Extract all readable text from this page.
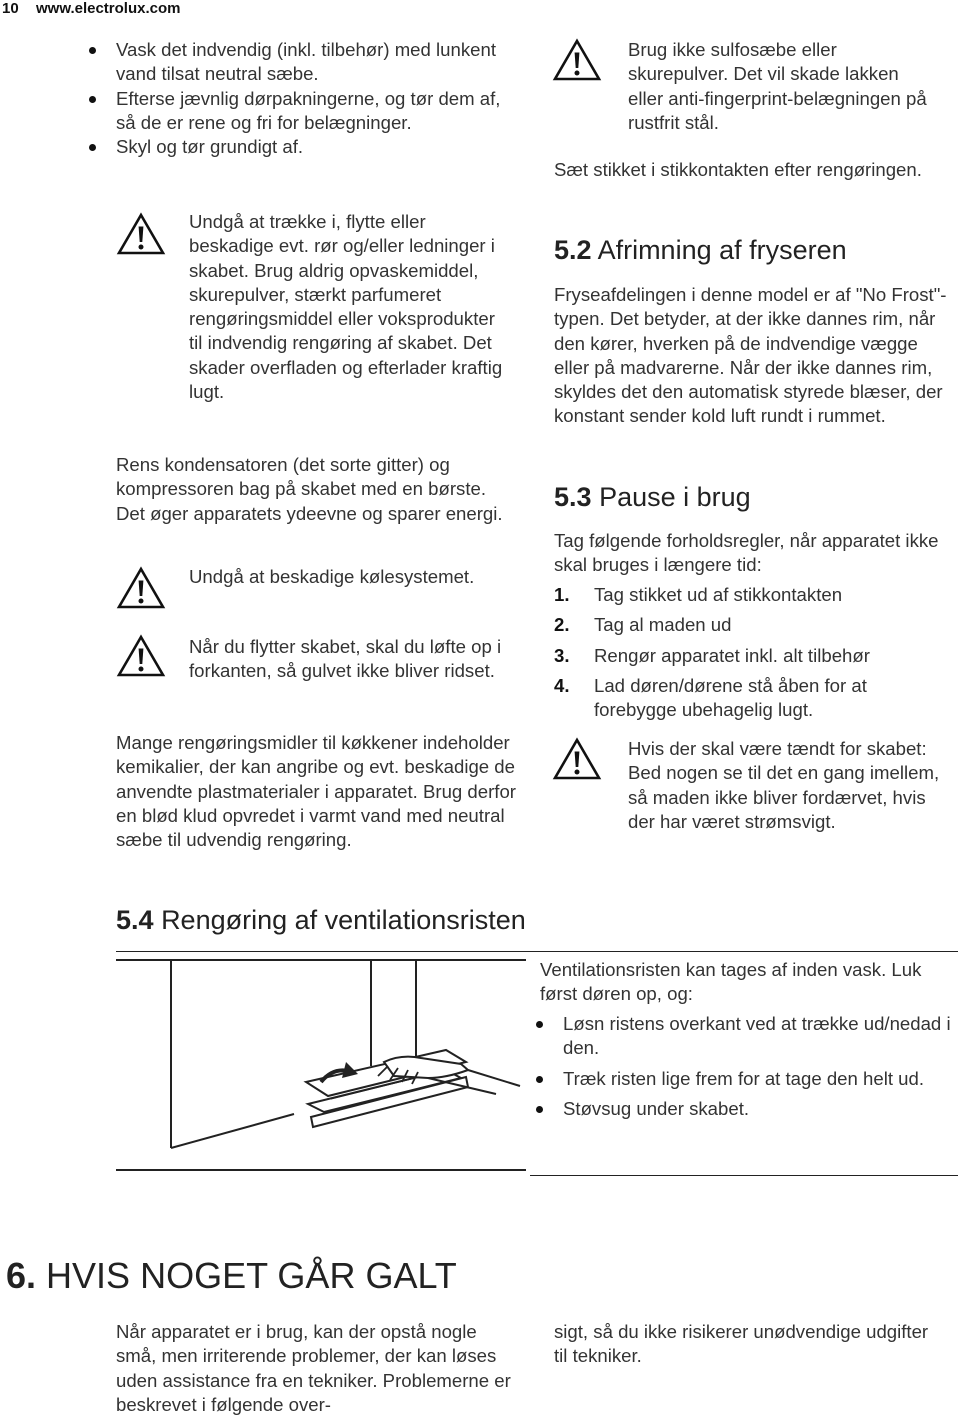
10 www.electrolux.com
Vask det indvendig (inkl. tilbehør) med lunkent vand tilsat neutral sæbe.
Efterse jævnlig dørpakningerne, og tør dem af, så de er rene og fri for belægninger.
Skyl og tør grundigt af.
Undgå at trække i, flytte eller beskadige evt. rør og/eller ledninger i skabet. Brug aldrig opvaskemiddel, skurepulver, stærkt parfumeret rengøringsmiddel eller voksprodukter til indvendig rengøring af skabet. Det skader overfladen og efterlader kraftig lugt.
Rens kondensatoren (det sorte gitter) og kompressoren bag på skabet med en børste. Det øger apparatets ydeevne og sparer energi.
Undgå at beskadige kølesystemet.
Når du flytter skabet, skal du løfte op i forkanten, så gulvet ikke bliver ridset.
Mange rengøringsmidler til køkkener indeholder kemikalier, der kan angribe og evt. beskadige de anvendte plastmaterialer i apparatet. Brug derfor en blød klud opvredet i varmt vand med neutral sæbe til udvendig rengøring.
Brug ikke sulfosæbe eller skurepulver. Det vil skade lakken eller anti-fingerprint-belægningen på rustfrit stål.
Sæt stikket i stikkontakten efter rengøringen.
5.2 Afrimning af fryseren
Fryseafdelingen i denne model er af "No Frost"-typen. Det betyder, at der ikke dannes rim, når den kører, hverken på de indvendige vægge eller på madvarerne. Når der ikke dannes rim, skyldes det den automatisk styrede blæser, der konstant sender kold luft rundt i rummet.
5.3 Pause i brug
Tag følgende forholdsregler, når apparatet ikke skal bruges i længere tid:
1. Tag stikket ud af stikkontakten
2. Tag al maden ud
3. Rengør apparatet inkl. alt tilbehør
4. Lad døren/dørene stå åben for at forebygge ubehagelig lugt.
Hvis der skal være tændt for skabet: Bed nogen se til det en gang imellem, så maden ikke bliver fordærvet, hvis der har været strømsvigt.
5.4 Rengøring af ventilationsristen
Ventilationsristen kan tages af inden vask. Luk først døren op, og:
Løsn ristens overkant ved at trække ud/nedad i den.
Træk risten lige frem for at tage den helt ud.
Støvsug under skabet.
6. HVIS NOGET GÅR GALT
Når apparatet er i brug, kan der opstå nogle små, men irriterende problemer, der kan løses uden assistance fra en tekniker. Problemerne er beskrevet i følgende over-
sigt, så du ikke risikerer unødvendige udgifter til tekniker.
